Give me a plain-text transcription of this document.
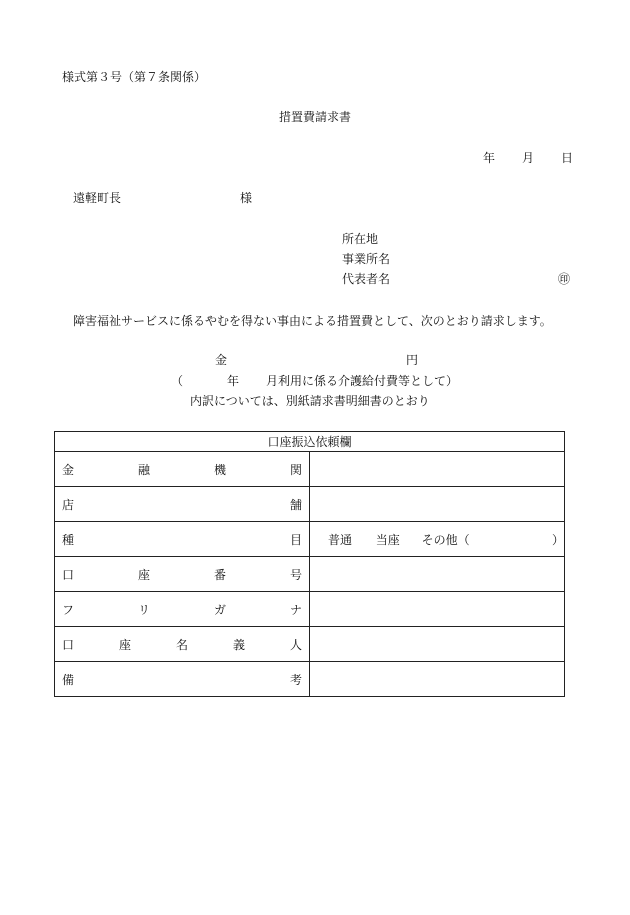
様式第３号（第７条関係）
措置費請求書
年 月 日
遠軽町長	様
所在地
事業所名
代表者名	㊞
障害福祉サービスに係るやむを得ない事由による措置費として、次のとおり請求します。
金	円
（	年 月利用に係る介護給付費等として）
内訳については、別紙請求書明細書のとおり
口座振込依頼欄	

金 融 機 関	

店 舗	

種 目	普通 当座 その他（ ）

口 座 番 号	

フ リ ガ ナ	

口 座 名 義 人	

備 考	
